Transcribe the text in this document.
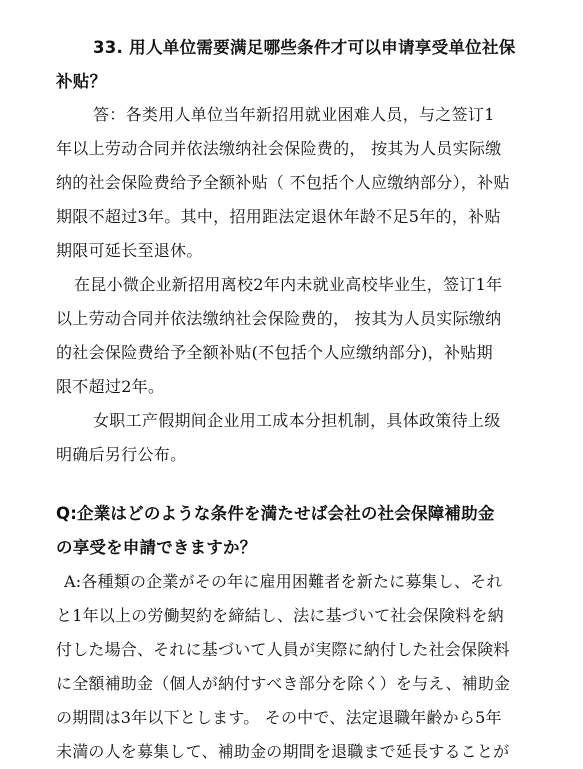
33. 用人单位需要满足哪些条件才可以申请享受单位社保
补贴？
答：各类用人单位当年新招用就业困难人员，与之签订1
年以上劳动合同并依法缴纳社会保险费的， 按其为人员实际缴
纳的社会保险费给予全额补贴（ 不包括个人应缴纳部分），补贴
期限不超过3年。其中，招用距法定退休年龄不足5年的，补贴
期限可延长至退休。
在昆小微企业新招用离校2年内未就业高校毕业生，签订1年
以上劳动合同并依法缴纳社会保险费的， 按其为人员实际缴纳
的社会保险费给予全额补贴(不包括个人应缴纳部分)，补贴期
限不超过2年。
女职工产假期间企业用工成本分担机制，具体政策待上级
明确后另行公布。
Q:企業はどのような条件を満たせば会社の社会保障補助金
の享受を申請できますか？
A:各種類の企業がその年に雇用困難者を新たに募集し、それ
と1年以上の労働契約を締結し、法に基づいて社会保険料を納
付した場合、それに基づいて人員が実際に納付した社会保険料
に全額補助金（個人が納付すべき部分を除く）を与え、補助金
の期間は3年以下とします。 その中で、法定退職年齢から5年
未満の人を募集して、補助金の期間を退職まで延長することが
